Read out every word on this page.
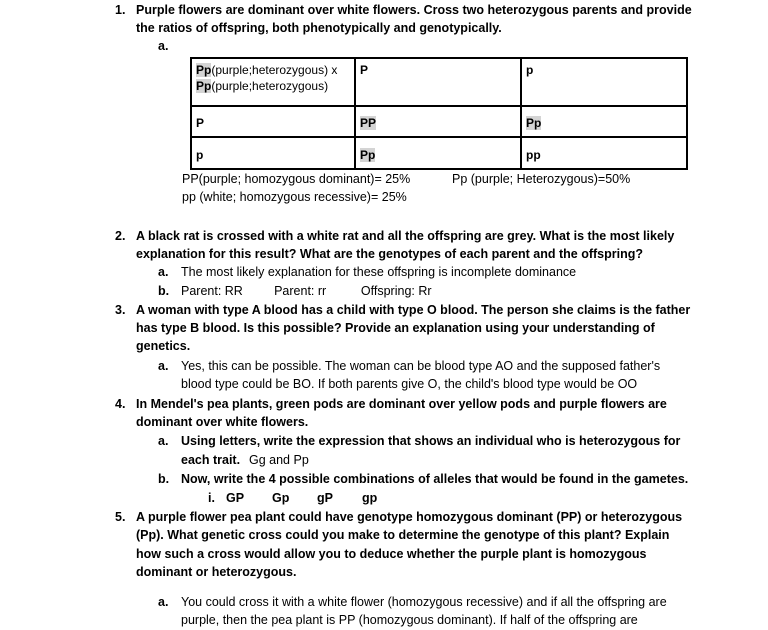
1. Purple flowers are dominant over white flowers. Cross two heterozygous parents and provide
the ratios of offspring, both phenotypically and genotypically.
a.
Pp(purple;heterozygous) x
Pp(purple;heterozygous)	P	p
P	PP	Pp
p	Pp	pp
PP(purple; homozygous dominant)= 25%	Pp (purple; Heterozygous)=50%
pp (white; homozygous recessive)= 25%
2. A black rat is crossed with a white rat and all the offspring are grey. What is the most likely
explanation for this result? What are the genotypes of each parent and the offspring?
a. The most likely explanation for these offspring is incomplete dominance
b. Parent: RR         Parent: rr          Offspring: Rr
3. A woman with type A blood has a child with type O blood. The person she claims is the father
has type B blood. Is this possible? Provide an explanation using your understanding of
genetics.
a. Yes, this can be possible. The woman can be blood type AO and the supposed father's
blood type could be BO. If both parents give O, the child's blood type would be OO
4. In Mendel's pea plants, green pods are dominant over yellow pods and purple flowers are
dominant over white flowers.
a. Using letters, write the expression that shows an individual who is heterozygous for
each trait. Gg and Pp
b. Now, write the 4 possible combinations of alleles that would be found in the gametes.
i. GP Gp gP gp
5. A purple flower pea plant could have genotype homozygous dominant (PP) or heterozygous
(Pp). What genetic cross could you make to determine the genotype of this plant? Explain
how such a cross would allow you to deduce whether the purple plant is homozygous
dominant or heterozygous.
a. You could cross it with a white flower (homozygous recessive) and if all the offspring are
purple, then the pea plant is PP (homozygous dominant). If half of the offspring are
